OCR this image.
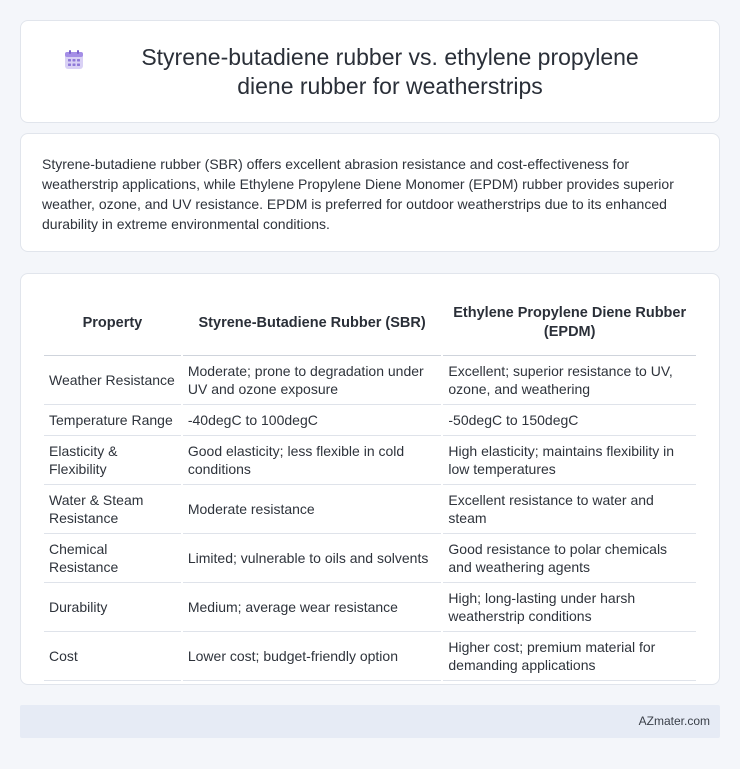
Styrene-butadiene rubber vs. ethylene propylene diene rubber for weatherstrips

Styrene-butadiene rubber (SBR) offers excellent abrasion resistance and cost-effectiveness for weatherstrip applications, while Ethylene Propylene Diene Monomer (EPDM) rubber provides superior weather, ozone, and UV resistance. EPDM is preferred for outdoor weatherstrips due to its enhanced durability in extreme environmental conditions.

Property	Styrene-Butadiene Rubber (SBR)	Ethylene Propylene Diene Rubber (EPDM)
Weather Resistance	Moderate; prone to degradation under UV and ozone exposure	Excellent; superior resistance to UV, ozone, and weathering
Temperature Range	-40degC to 100degC	-50degC to 150degC
Elasticity & Flexibility	Good elasticity; less flexible in cold conditions	High elasticity; maintains flexibility in low temperatures
Water & Steam Resistance	Moderate resistance	Excellent resistance to water and steam
Chemical Resistance	Limited; vulnerable to oils and solvents	Good resistance to polar chemicals and weathering agents
Durability	Medium; average wear resistance	High; long-lasting under harsh weatherstrip conditions
Cost	Lower cost; budget-friendly option	Higher cost; premium material for demanding applications
AZmater.com
